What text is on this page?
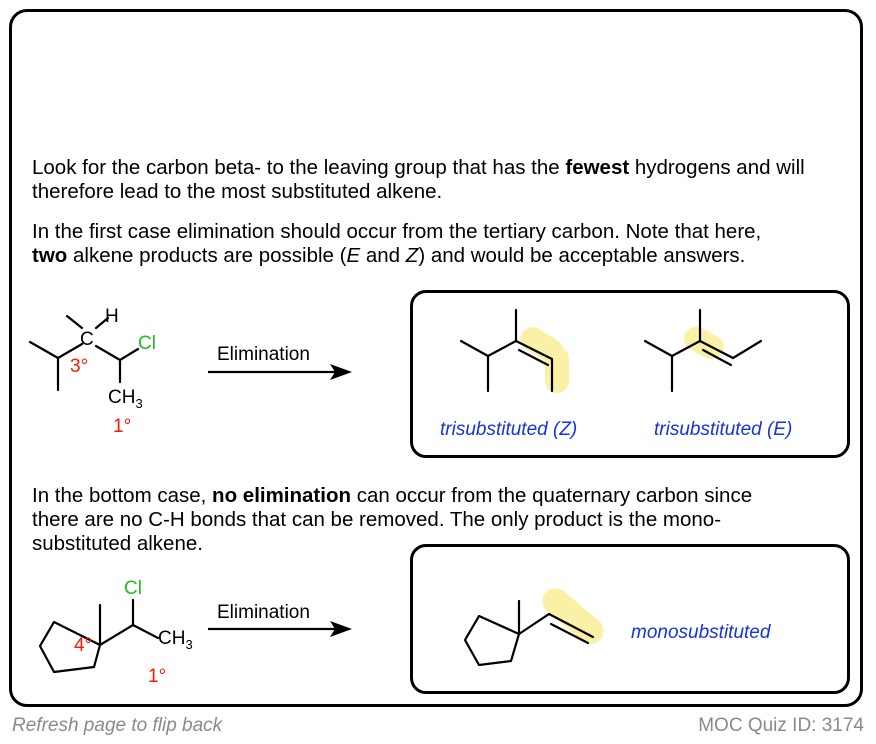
Look for the carbon beta- to the leaving group that has the fewest hydrogens and will therefore lead to the most substituted alkene.

In the first case elimination should occur from the tertiary carbon. Note that here,
two alkene products are possible (E and Z) and would be acceptable answers.

H
C Cl
3°
$CH_3$
1°
Elimination
Elimination
Cl
4°	$CH_3$
1°
trisubstituted (Z)	trisubstituted (E)

In the bottom case, no elimination can occur from the quaternary carbon since there are no C-H bonds that can be removed. The only product is the mono-substituted alkene.

monosubstituted
Refresh page to flip back	MOC Quiz ID: 3174
